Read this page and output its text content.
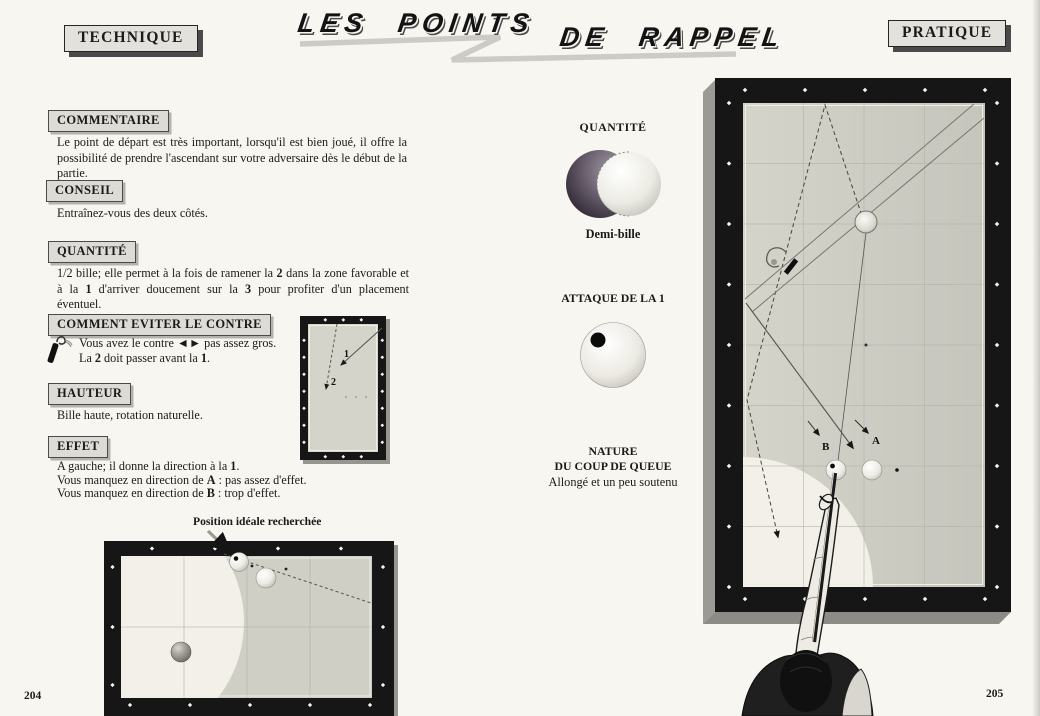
TECHNIQUE	PRATIQUE
LES POINTS DE RAPPEL
COMMENTAIRE
Le point de départ est très important, lorsqu'il est bien joué, il offre la possibilité de prendre l'ascendant sur votre adversaire dès le début de la partie.
CONSEIL
Entraînez-vous des deux côtés.
QUANTITÉ
1/2 bille; elle permet à la fois de ramener la 2 dans la zone favorable et à la 1 d'arriver doucement sur la 3 pour profiter d'un placement éventuel.
COMMENT EVITER LE CONTRE
Vous avez le contre ◄► pas assez gros.
La 2 doit passer avant la 1.
HAUTEUR
Bille haute, rotation naturelle.
EFFET
A gauche; il donne la direction à la 1.
Vous manquez en direction de A : pas assez d'effet.
Vous manquez en direction de B : trop d'effet.
1
2
Position idéale recherchée
QUANTITÉ
Demi-bille
ATTAQUE DE LA 1
NATURE
DU COUP DE QUEUE
Allongé et un peu soutenu
B	A
204	205
